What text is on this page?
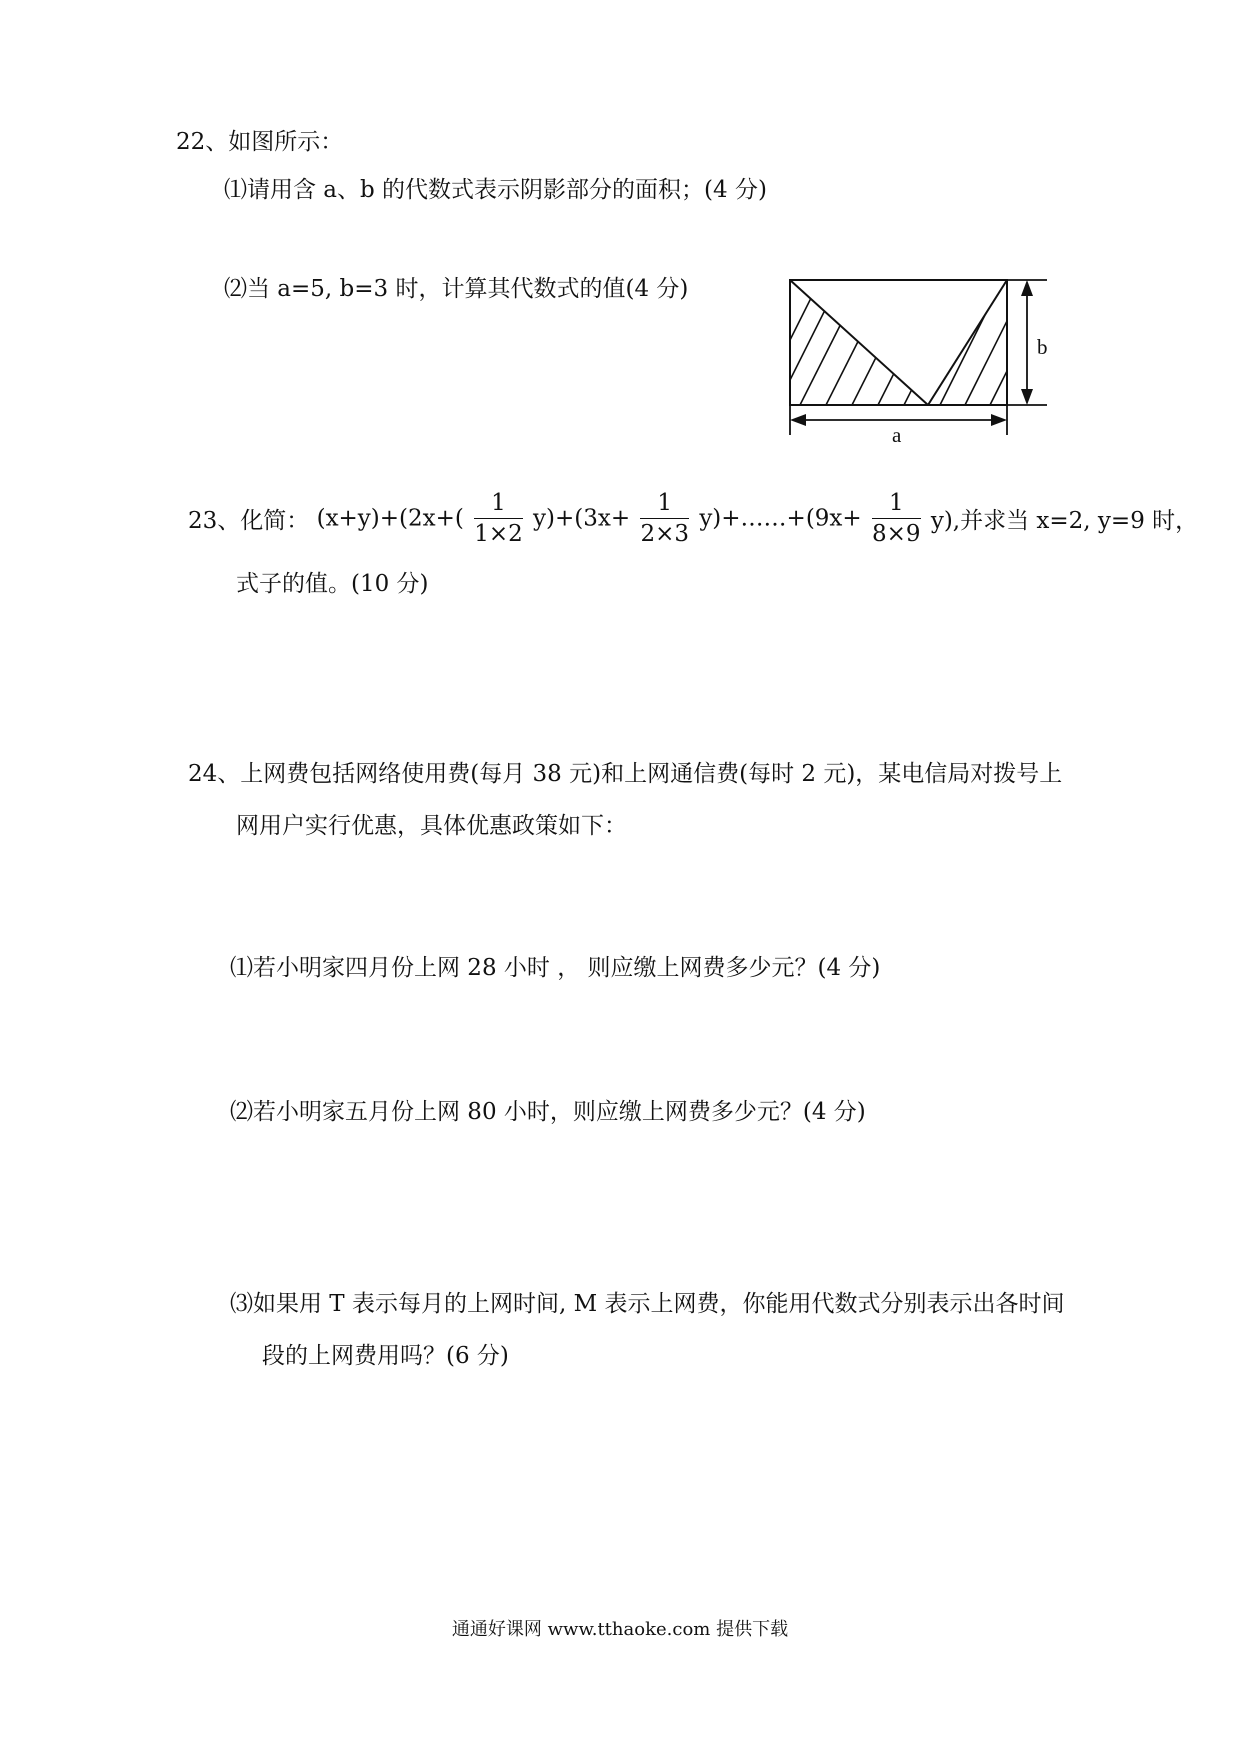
22、如图所示：
⑴请用含 a、b 的代数式表示阴影部分的面积；(4 分)
⑵当 a=5, b=3 时，计算其代数式的值(4 分)
b
a
23、化简： $(x+y)+(2x+( \frac{1}{1\times 2} y)+(3x+ \frac{1}{2\times 3}$ y)+……+(9x+ $\frac{1}{8\times 9} y$),并求当 x=2, y=9 时，
式子的值。(10 分)
24、上网费包括网络使用费(每月 38 元)和上网通信费(每时 2 元)，某电信局对拨号上
网用户实行优惠，具体优惠政策如下：
⑴若小明家四月份上网 28 小时 ， 则应缴上网费多少元？(4 分)
⑵若小明家五月份上网 80 小时，则应缴上网费多少元？(4 分)
⑶如果用 T 表示每月的上网时间, M 表示上网费，你能用代数式分别表示出各时间
段的上网费用吗？(6 分)
通通好课网 www.tthaoke.com 提供下载
